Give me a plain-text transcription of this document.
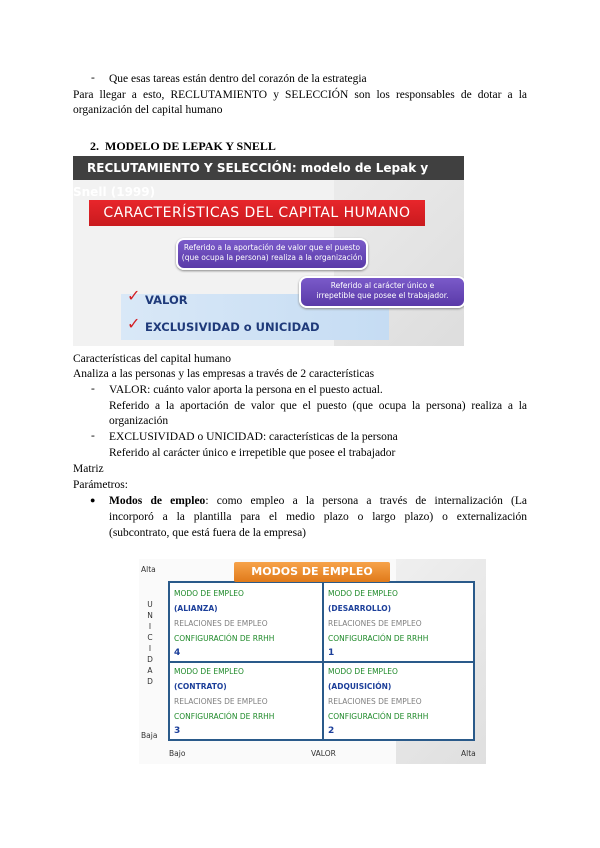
- Que esas tareas están dentro del corazón de la estrategia
Para llegar a esto, RECLUTAMIENTO y SELECCIÓN son los responsables de dotar a la
organización del capital humano
2. MODELO DE LEPAK Y SNELL
RECLUTAMIENTO Y SELECCIÓN: modelo de Lepak y Snell (1999)
CARACTERÍSTICAS DEL CAPITAL HUMANO
Referido a la aportación de valor que el puesto
(que ocupa la persona) realiza a la organización
Referido al carácter único e
irrepetible que posee el trabajador.
✓ VALOR
✓ EXCLUSIVIDAD o UNICIDAD
Características del capital humano
Analiza a las personas y las empresas a través de 2 características
- VALOR: cuánto valor aporta la persona en el puesto actual.
Referido a la aportación de valor que el puesto (que ocupa la persona) realiza a la
organización
- EXCLUSIVIDAD o UNICIDAD: características de la persona
Referido al carácter único e irrepetible que posee el trabajador
Matriz
Parámetros:
● Modos de empleo: como empleo a la persona a través de internalización (La
incorporó a la plantilla para el medio plazo o largo plazo) o externalización
(subcontrato, que está fuera de la empresa)
Alta
U
N
I
C
I
D
A
D
Baja
MODO DE EMPLEO
(ALIANZA)
RELACIONES DE EMPLEO
CONFIGURACIÓN DE RRHH
4
MODO DE EMPLEO
(DESARROLLO)
RELACIONES DE EMPLEO
CONFIGURACIÓN DE RRHH
1
MODO DE EMPLEO
(CONTRATO)
RELACIONES DE EMPLEO
CONFIGURACIÓN DE RRHH
3
MODO DE EMPLEO
(ADQUISICIÓN)
RELACIONES DE EMPLEO
CONFIGURACIÓN DE RRHH
2
MODOS DE EMPLEO
Bajo	VALOR	Alta
